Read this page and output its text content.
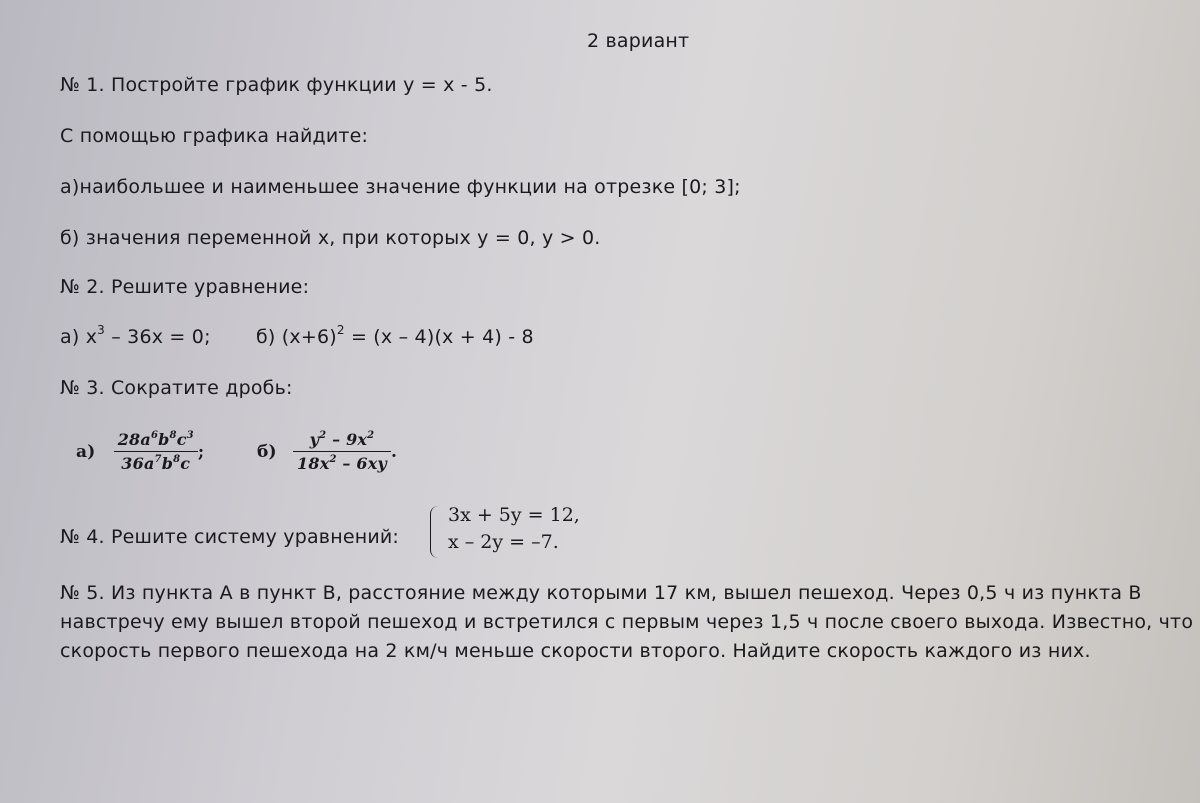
2 вариант
№ 1. Постройте график функции y = x - 5.
С помощью графика найдите:
а)наибольшее и наименьшее значение функции на отрезке [0; 3];
б) значения переменной x, при которых y = 0, y > 0.
№ 2. Решите уравнение:
а) $x^3 - 36x = 0$; б) $(x+6)^2 = (x - 4)(x + 4) - 8$
№ 3. Сократите дробь:
$а) \frac{28a^6b^8c^3}{36a^7b^8c}$ ;	$б) \frac{y^2 - 9x^2}{18x^2 - 6xy}$ .
№ 4. Решите систему уравнений:
3x + 5y = 12,
x – 2y = –7.
№ 5. Из пункта А в пункт В, расстояние между которыми 17 км, вышел пешеход. Через 0,5 ч из пункта В
навстречу ему вышел второй пешеход и встретился с первым через 1,5 ч после своего выхода. Известно, что
скорость первого пешехода на 2 км/ч меньше скорости второго. Найдите скорость каждого из них.
